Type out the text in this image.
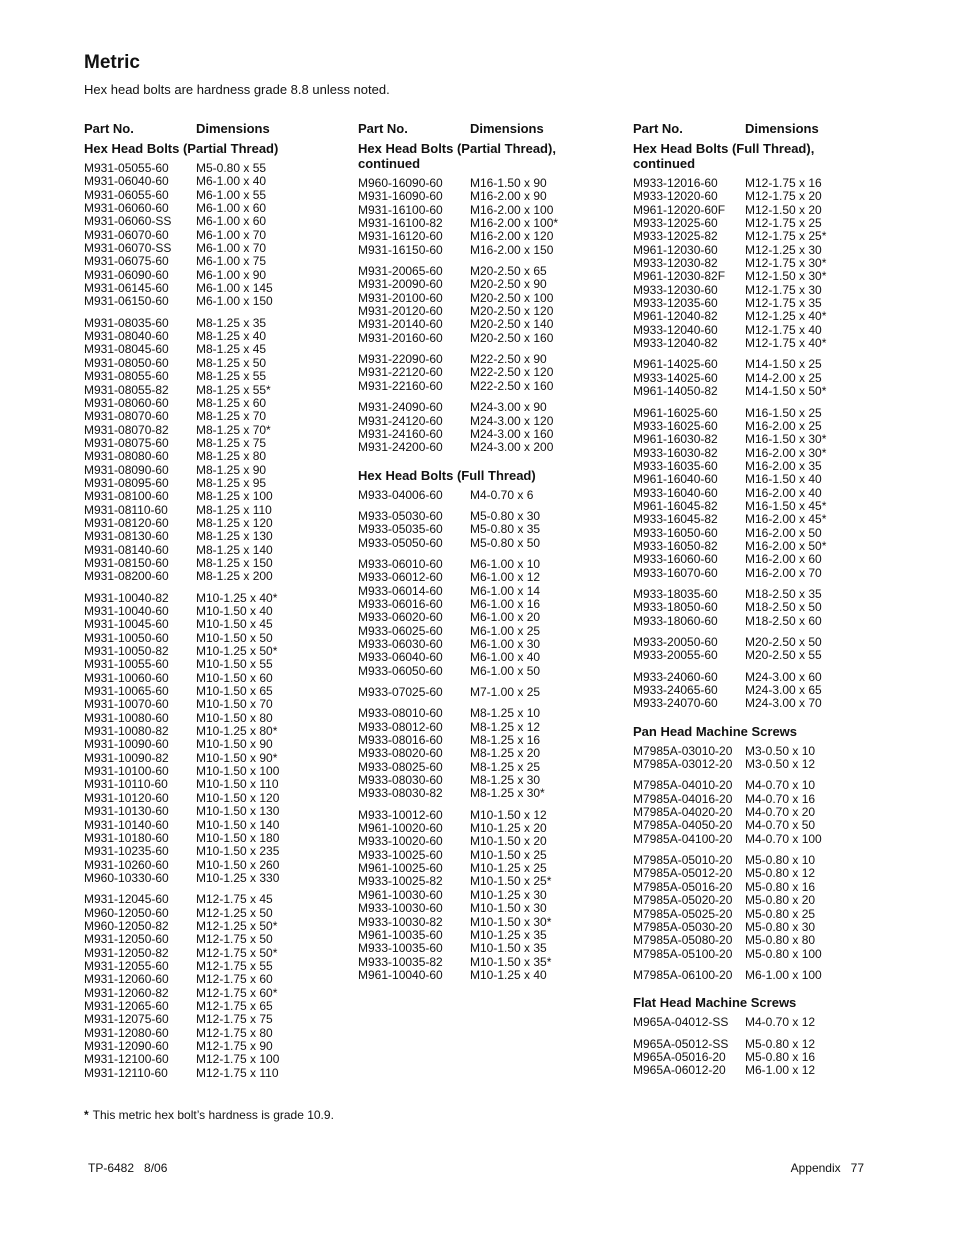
Metric
Hex head bolts are hardness grade 8.8 unless noted.
Part No.	Dimensions
Hex Head Bolts (Partial Thread)
M931-05055-60	M5-0.80 x 55
M931-06040-60	M6-1.00 x 40
M931-06055-60	M6-1.00 x 55
M931-06060-60	M6-1.00 x 60
M931-06060-SS	M6-1.00 x 60
M931-06070-60	M6-1.00 x 70
M931-06070-SS	M6-1.00 x 70
M931-06075-60	M6-1.00 x 75
M931-06090-60	M6-1.00 x 90
M931-06145-60	M6-1.00 x 145
M931-06150-60	M6-1.00 x 150
M931-08035-60	M8-1.25 x 35
M931-08040-60	M8-1.25 x 40
M931-08045-60	M8-1.25 x 45
M931-08050-60	M8-1.25 x 50
M931-08055-60	M8-1.25 x 55
M931-08055-82	M8-1.25 x 55*
M931-08060-60	M8-1.25 x 60
M931-08070-60	M8-1.25 x 70
M931-08070-82	M8-1.25 x 70*
M931-08075-60	M8-1.25 x 75
M931-08080-60	M8-1.25 x 80
M931-08090-60	M8-1.25 x 90
M931-08095-60	M8-1.25 x 95
M931-08100-60	M8-1.25 x 100
M931-08110-60	M8-1.25 x 110
M931-08120-60	M8-1.25 x 120
M931-08130-60	M8-1.25 x 130
M931-08140-60	M8-1.25 x 140
M931-08150-60	M8-1.25 x 150
M931-08200-60	M8-1.25 x 200
M931-10040-82	M10-1.25 x 40*
M931-10040-60	M10-1.50 x 40
M931-10045-60	M10-1.50 x 45
M931-10050-60	M10-1.50 x 50
M931-10050-82	M10-1.25 x 50*
M931-10055-60	M10-1.50 x 55
M931-10060-60	M10-1.50 x 60
M931-10065-60	M10-1.50 x 65
M931-10070-60	M10-1.50 x 70
M931-10080-60	M10-1.50 x 80
M931-10080-82	M10-1.25 x 80*
M931-10090-60	M10-1.50 x 90
M931-10090-82	M10-1.50 x 90*
M931-10100-60	M10-1.50 x 100
M931-10110-60	M10-1.50 x 110
M931-10120-60	M10-1.50 x 120
M931-10130-60	M10-1.50 x 130
M931-10140-60	M10-1.50 x 140
M931-10180-60	M10-1.50 x 180
M931-10235-60	M10-1.50 x 235
M931-10260-60	M10-1.50 x 260
M960-10330-60	M10-1.25 x 330
M931-12045-60	M12-1.75 x 45
M960-12050-60	M12-1.25 x 50
M960-12050-82	M12-1.25 x 50*
M931-12050-60	M12-1.75 x 50
M931-12050-82	M12-1.75 x 50*
M931-12055-60	M12-1.75 x 55
M931-12060-60	M12-1.75 x 60
M931-12060-82	M12-1.75 x 60*
M931-12065-60	M12-1.75 x 65
M931-12075-60	M12-1.75 x 75
M931-12080-60	M12-1.75 x 80
M931-12090-60	M12-1.75 x 90
M931-12100-60	M12-1.75 x 100
M931-12110-60	M12-1.75 x 110
Part No.	Dimensions
Hex Head Bolts (Partial Thread), continued
M960-16090-60	M16-1.50 x 90
M931-16090-60	M16-2.00 x 90
M931-16100-60	M16-2.00 x 100
M931-16100-82	M16-2.00 x 100*
M931-16120-60	M16-2.00 x 120
M931-16150-60	M16-2.00 x 150
M931-20065-60	M20-2.50 x 65
M931-20090-60	M20-2.50 x 90
M931-20100-60	M20-2.50 x 100
M931-20120-60	M20-2.50 x 120
M931-20140-60	M20-2.50 x 140
M931-20160-60	M20-2.50 x 160
M931-22090-60	M22-2.50 x 90
M931-22120-60	M22-2.50 x 120
M931-22160-60	M22-2.50 x 160
M931-24090-60	M24-3.00 x 90
M931-24120-60	M24-3.00 x 120
M931-24160-60	M24-3.00 x 160
M931-24200-60	M24-3.00 x 200
Hex Head Bolts (Full Thread)
M933-04006-60	M4-0.70 x 6
M933-05030-60	M5-0.80 x 30
M933-05035-60	M5-0.80 x 35
M933-05050-60	M5-0.80 x 50
M933-06010-60	M6-1.00 x 10
M933-06012-60	M6-1.00 x 12
M933-06014-60	M6-1.00 x 14
M933-06016-60	M6-1.00 x 16
M933-06020-60	M6-1.00 x 20
M933-06025-60	M6-1.00 x 25
M933-06030-60	M6-1.00 x 30
M933-06040-60	M6-1.00 x 40
M933-06050-60	M6-1.00 x 50
M933-07025-60	M7-1.00 x 25
M933-08010-60	M8-1.25 x 10
M933-08012-60	M8-1.25 x 12
M933-08016-60	M8-1.25 x 16
M933-08020-60	M8-1.25 x 20
M933-08025-60	M8-1.25 x 25
M933-08030-60	M8-1.25 x 30
M933-08030-82	M8-1.25 x 30*
M933-10012-60	M10-1.50 x 12
M961-10020-60	M10-1.25 x 20
M933-10020-60	M10-1.50 x 20
M933-10025-60	M10-1.50 x 25
M961-10025-60	M10-1.25 x 25
M933-10025-82	M10-1.50 x 25*
M961-10030-60	M10-1.25 x 30
M933-10030-60	M10-1.50 x 30
M933-10030-82	M10-1.50 x 30*
M961-10035-60	M10-1.25 x 35
M933-10035-60	M10-1.50 x 35
M933-10035-82	M10-1.50 x 35*
M961-10040-60	M10-1.25 x 40
Part No.	Dimensions
Hex Head Bolts (Full Thread), continued
M933-12016-60	M12-1.75 x 16
M933-12020-60	M12-1.75 x 20
M961-12020-60F	M12-1.50 x 20
M933-12025-60	M12-1.75 x 25
M933-12025-82	M12-1.75 x 25*
M961-12030-60	M12-1.25 x 30
M933-12030-82	M12-1.75 x 30*
M961-12030-82F	M12-1.50 x 30*
M933-12030-60	M12-1.75 x 30
M933-12035-60	M12-1.75 x 35
M961-12040-82	M12-1.25 x 40*
M933-12040-60	M12-1.75 x 40
M933-12040-82	M12-1.75 x 40*
M961-14025-60	M14-1.50 x 25
M933-14025-60	M14-2.00 x 25
M961-14050-82	M14-1.50 x 50*
M961-16025-60	M16-1.50 x 25
M933-16025-60	M16-2.00 x 25
M961-16030-82	M16-1.50 x 30*
M933-16030-82	M16-2.00 x 30*
M933-16035-60	M16-2.00 x 35
M961-16040-60	M16-1.50 x 40
M933-16040-60	M16-2.00 x 40
M961-16045-82	M16-1.50 x 45*
M933-16045-82	M16-2.00 x 45*
M933-16050-60	M16-2.00 x 50
M933-16050-82	M16-2.00 x 50*
M933-16060-60	M16-2.00 x 60
M933-16070-60	M16-2.00 x 70
M933-18035-60	M18-2.50 x 35
M933-18050-60	M18-2.50 x 50
M933-18060-60	M18-2.50 x 60
M933-20050-60	M20-2.50 x 50
M933-20055-60	M20-2.50 x 55
M933-24060-60	M24-3.00 x 60
M933-24065-60	M24-3.00 x 65
M933-24070-60	M24-3.00 x 70
Pan Head Machine Screws
M7985A-03010-20	M3-0.50 x 10
M7985A-03012-20	M3-0.50 x 12
M7985A-04010-20	M4-0.70 x 10
M7985A-04016-20	M4-0.70 x 16
M7985A-04020-20	M4-0.70 x 20
M7985A-04050-20	M4-0.70 x 50
M7985A-04100-20	M4-0.70 x 100
M7985A-05010-20	M5-0.80 x 10
M7985A-05012-20	M5-0.80 x 12
M7985A-05016-20	M5-0.80 x 16
M7985A-05020-20	M5-0.80 x 20
M7985A-05025-20	M5-0.80 x 25
M7985A-05030-20	M5-0.80 x 30
M7985A-05080-20	M5-0.80 x 80
M7985A-05100-20	M5-0.80 x 100
M7985A-06100-20	M6-1.00 x 100
Flat Head Machine Screws
M965A-04012-SS	M4-0.70 x 12
M965A-05012-SS	M5-0.80 x 12
M965A-05016-20	M5-0.80 x 16
M965A-06012-20	M6-1.00 x 12
* This metric hex bolt’s hardness is grade 10.9.
TP-6482   8/06	Appendix   77
